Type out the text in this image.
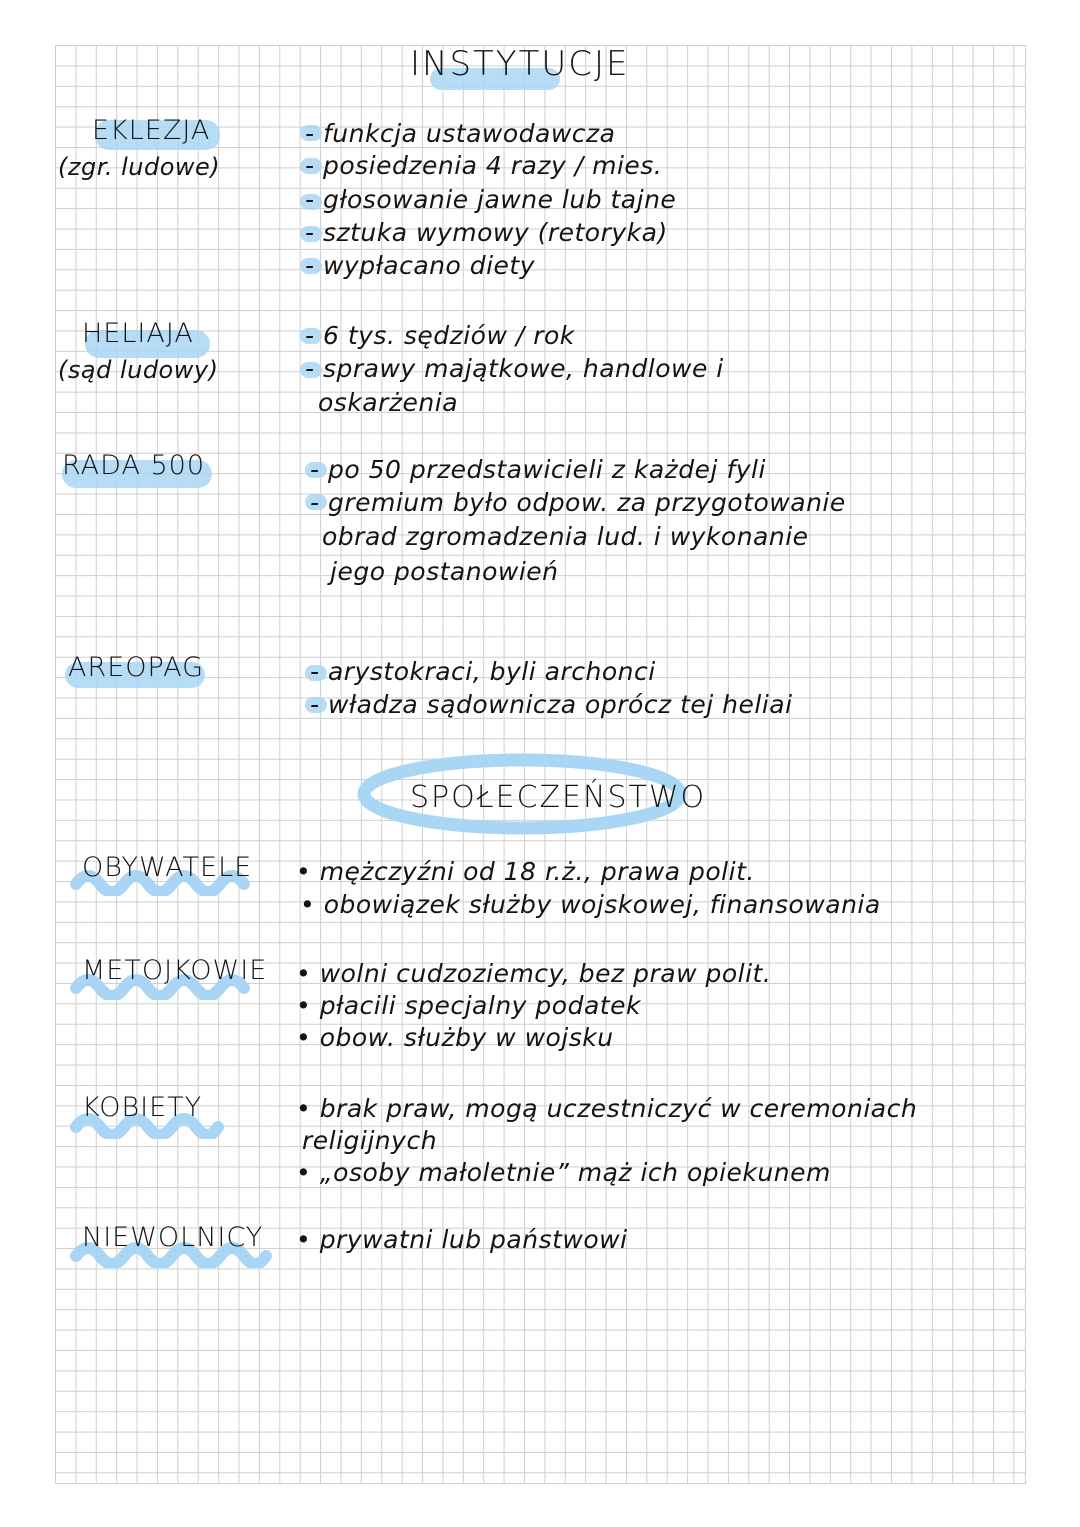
INSTYTUCJE
EKLEZJA
(zgr. ludowe)
- funkcja ustawodawcza
- posiedzenia 4 razy / mies.
- głosowanie jawne lub tajne
- sztuka wymowy (retoryka)
- wypłacano diety
HELIAJA
(sąd ludowy)
- 6 tys. sędziów / rok
- sprawy majątkowe, handlowe i
oskarżenia
RADA 500	- po 50 przedstawicieli z każdej fyli
- gremium było odpow. za przygotowanie
obrad zgromadzenia lud. i wykonanie
jego postanowień
AREOPAG	- arystokraci, byli archonci
- władza sądownicza oprócz tej heliai
SPOŁECZEŃSTWO
OBYWATELE • mężczyźni od 18 r.ż., prawa polit.
• obowiązek służby wojskowej, finansowania
METOJKOWIE • wolni cudzoziemcy, bez praw polit.
• płacili specjalny podatek
• obow. służby w wojsku
KOBIETY	• brak praw, mogą uczestniczyć w ceremoniach
religijnych
• „osoby małoletnie” mąż ich opiekunem
NIEWOLNICY • prywatni lub państwowi
